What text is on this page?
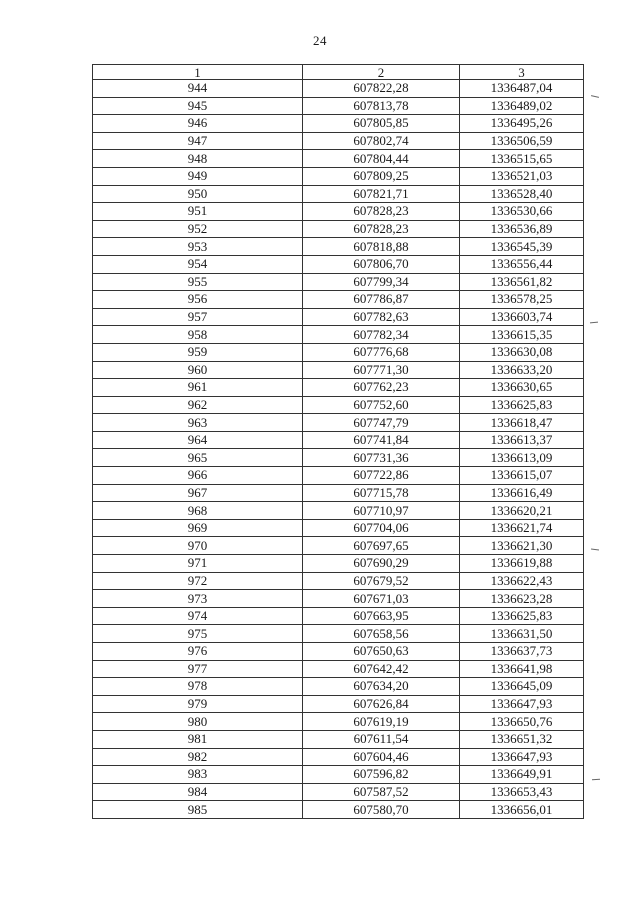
24
1	2	3
944	607822,28	1336487,04
945	607813,78	1336489,02
946	607805,85	1336495,26
947	607802,74	1336506,59
948	607804,44	1336515,65
949	607809,25	1336521,03
950	607821,71	1336528,40
951	607828,23	1336530,66
952	607828,23	1336536,89
953	607818,88	1336545,39
954	607806,70	1336556,44
955	607799,34	1336561,82
956	607786,87	1336578,25
957	607782,63	1336603,74
958	607782,34	1336615,35
959	607776,68	1336630,08
960	607771,30	1336633,20
961	607762,23	1336630,65
962	607752,60	1336625,83
963	607747,79	1336618,47
964	607741,84	1336613,37
965	607731,36	1336613,09
966	607722,86	1336615,07
967	607715,78	1336616,49
968	607710,97	1336620,21
969	607704,06	1336621,74
970	607697,65	1336621,30
971	607690,29	1336619,88
972	607679,52	1336622,43
973	607671,03	1336623,28
974	607663,95	1336625,83
975	607658,56	1336631,50
976	607650,63	1336637,73
977	607642,42	1336641,98
978	607634,20	1336645,09
979	607626,84	1336647,93
980	607619,19	1336650,76
981	607611,54	1336651,32
982	607604,46	1336647,93
983	607596,82	1336649,91
984	607587,52	1336653,43
985	607580,70	1336656,01
